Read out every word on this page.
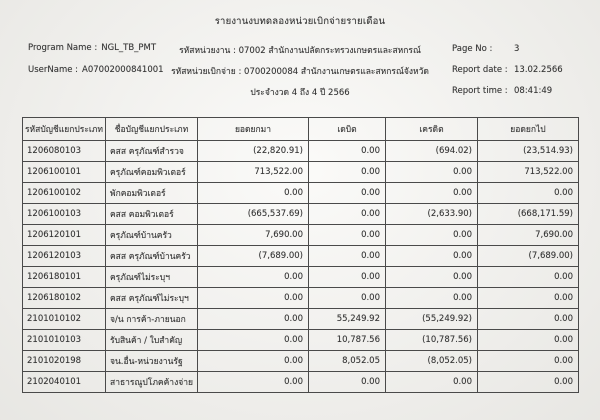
รายงานงบทดลองหน่วยเบิกจ่ายรายเดือน
Program Name : NGL_TB_PMT
UserName : A07002000841001
รหัสหน่วยงาน : 07002 สำนักงานปลัดกระทรวงเกษตรและสหกรณ์
รหัสหน่วยเบิกจ่าย : 0700200084 สำนักงานเกษตรและสหกรณ์จังหวัด
ประจำงวด 4 ถึง 4 ปี 2566
Page No :	3
Report date : 13.02.2566
Report time : 08:41:49
รหัสบัญชีแยกประเภท	ชื่อบัญชีแยกประเภท	ยอดยกมา	เดบิต	เครดิต	ยอดยกไป
1206080103	คสส ครุภัณฑ์สำรวจ	(22,820.91)	0.00	(694.02)	(23,514.93)
1206100101	ครุภัณฑ์คอมพิวเตอร์	713,522.00	0.00	0.00	713,522.00
1206100102	พักคอมพิวเตอร์	0.00	0.00	0.00	0.00
1206100103	คสส คอมพิวเตอร์	(665,537.69)	0.00	(2,633.90)	(668,171.59)
1206120101	ครุภัณฑ์บ้านครัว	7,690.00	0.00	0.00	7,690.00
1206120103	คสส ครุภัณฑ์บ้านครัว	(7,689.00)	0.00	0.00	(7,689.00)
1206180101	ครุภัณฑ์ไม่ระบุฯ	0.00	0.00	0.00	0.00
1206180102	คสส ครุภัณฑ์ไม่ระบุฯ	0.00	0.00	0.00	0.00
2101010102	จ/น การค้า-ภายนอก	0.00	55,249.92	(55,249.92)	0.00
2101010103	รับสินค้า / ใบสำคัญ	0.00	10,787.56	(10,787.56)	0.00
2101020198	จน.อื่น-หน่วยงานรัฐ	0.00	8,052.05	(8,052.05)	0.00
2102040101	สาธารณูปโภคค้างจ่าย	0.00	0.00	0.00	0.00
